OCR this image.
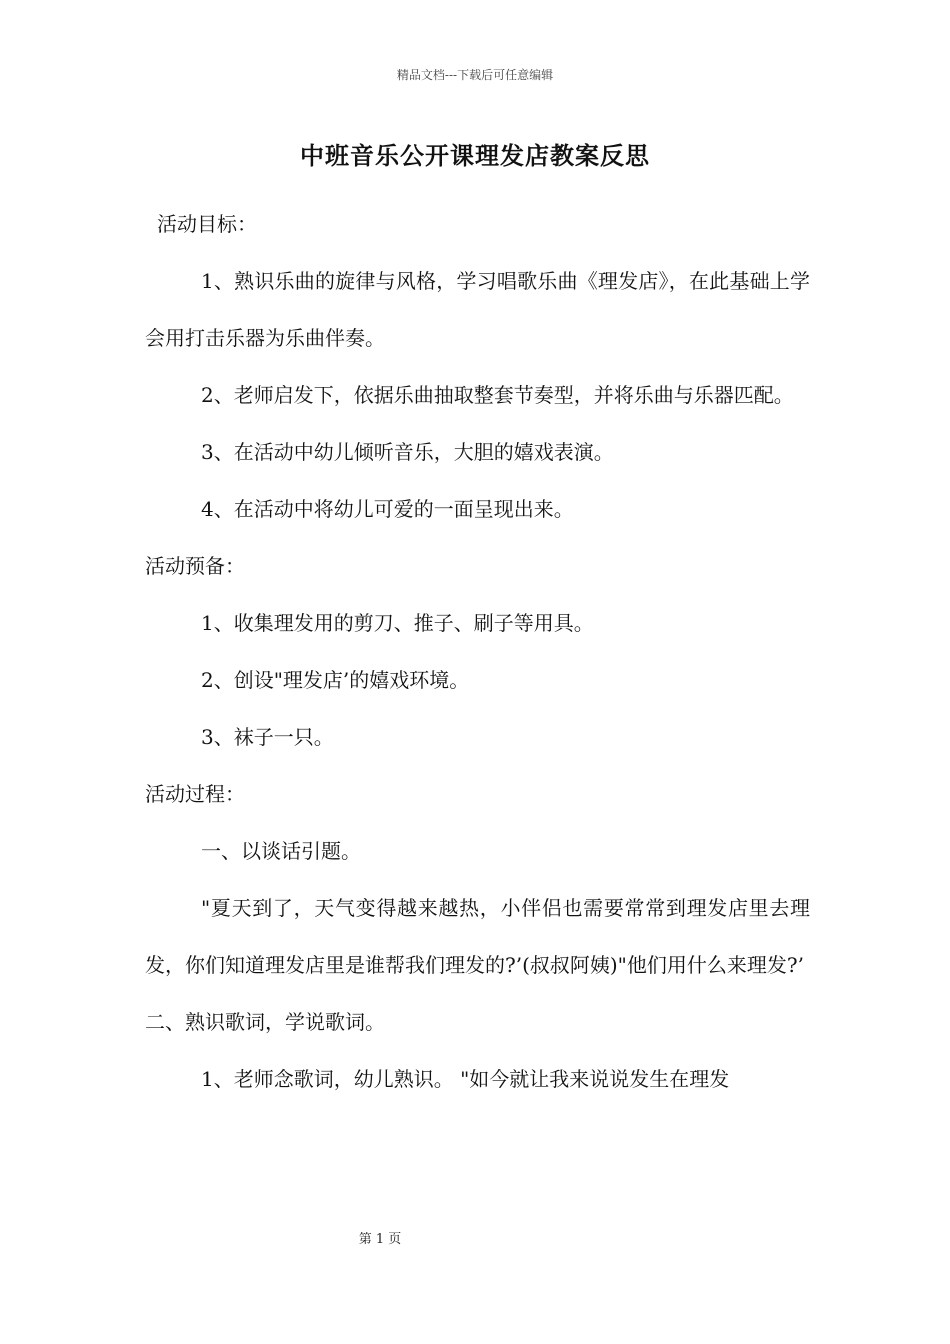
精品文档---下载后可任意编辑
中班音乐公开课理发店教案反思

活动目标：

1、熟识乐曲的旋律与风格，学习唱歌乐曲《理发店》，在此基础上学会用打击乐器为乐曲伴奏。

2、老师启发下，依据乐曲抽取整套节奏型，并将乐曲与乐器匹配。

3、在活动中幼儿倾听音乐，大胆的嬉戏表演。

4、在活动中将幼儿可爱的一面呈现出来。

活动预备：

1、收集理发用的剪刀、推子、刷子等用具。

2、创设"理发店’的嬉戏环境。

3、袜子一只。

活动过程：

一、以谈话引题。

"夏天到了，天气变得越来越热，小伴侣也需要常常到理发店里去理发，你们知道理发店里是谁帮我们理发的?’(叔叔阿姨)"他们用什么来理发?’

二、熟识歌词，学说歌词。

1、老师念歌词，幼儿熟识。 "如今就让我来说说发生在理发

第 1 页
